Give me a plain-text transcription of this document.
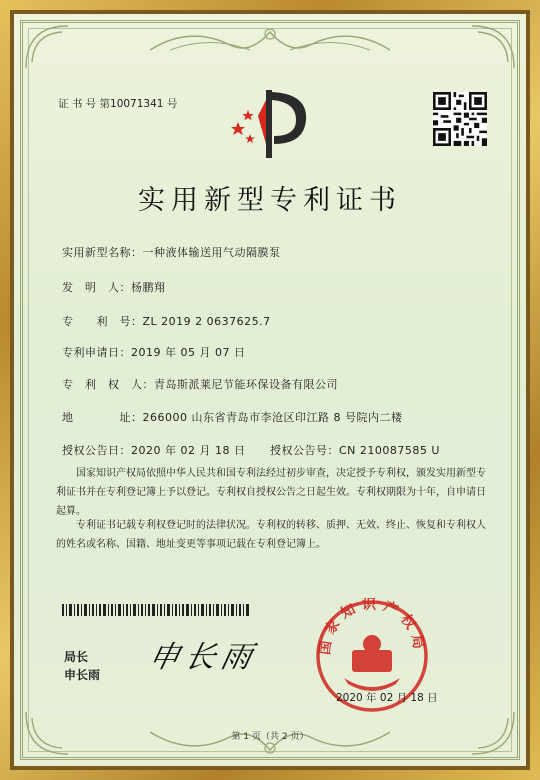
证 书 号 第10071341 号
实用新型专利证书
实用新型名称：一种液体输送用气动隔膜泵
发　明　人：杨鹏翔
专　　利　号：ZL 2019 2 0637625.7
专利申请日：2019 年 05 月 07 日
专　利　权　人：青岛斯派莱尼节能环保设备有限公司
地　　　　址：266000 山东省青岛市李沧区印江路 8 号院内二楼
授权公告日：2020 年 02 月 18 日 授权公告号：CN 210087585 U
国家知识产权局依照中华人民共和国专利法经过初步审查，决定授予专利权，颁发实用新型专利证书并在专利登记簿上予以登记。专利权自授权公告之日起生效。专利权期限为十年，自申请日起算。
专利证书记载专利权登记时的法律状况。专利权的转移、质押、无效、终止、恢复和专利权人的姓名或名称、国籍、地址变更等事项记载在专利登记簿上。
局长
申长雨 申长雨	国家知识产权局
2020 年 02 月 18 日
第 1 页（共 2 页）
